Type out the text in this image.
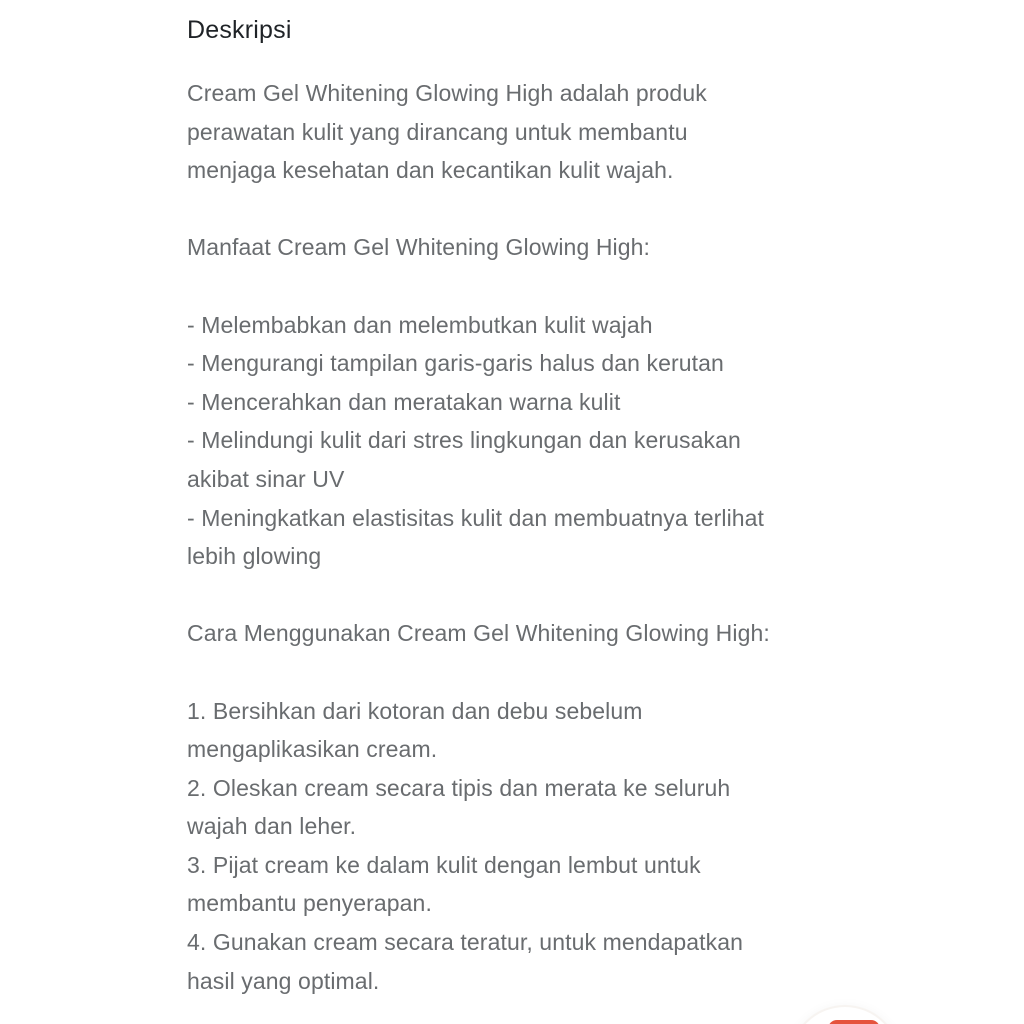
Deskripsi
Cream Gel Whitening Glowing High adalah produk
perawatan kulit yang dirancang untuk membantu
menjaga kesehatan dan kecantikan kulit wajah.
Manfaat Cream Gel Whitening Glowing High:
- Melembabkan dan melembutkan kulit wajah
- Mengurangi tampilan garis-garis halus dan kerutan
- Mencerahkan dan meratakan warna kulit
- Melindungi kulit dari stres lingkungan dan kerusakan
akibat sinar UV
- Meningkatkan elastisitas kulit dan membuatnya terlihat
lebih glowing
Cara Menggunakan Cream Gel Whitening Glowing High:
1. Bersihkan dari kotoran dan debu sebelum
mengaplikasikan cream.
2. Oleskan cream secara tipis dan merata ke seluruh
wajah dan leher.
3. Pijat cream ke dalam kulit dengan lembut untuk
membantu penyerapan.
4. Gunakan cream secara teratur, untuk mendapatkan
hasil yang optimal.
